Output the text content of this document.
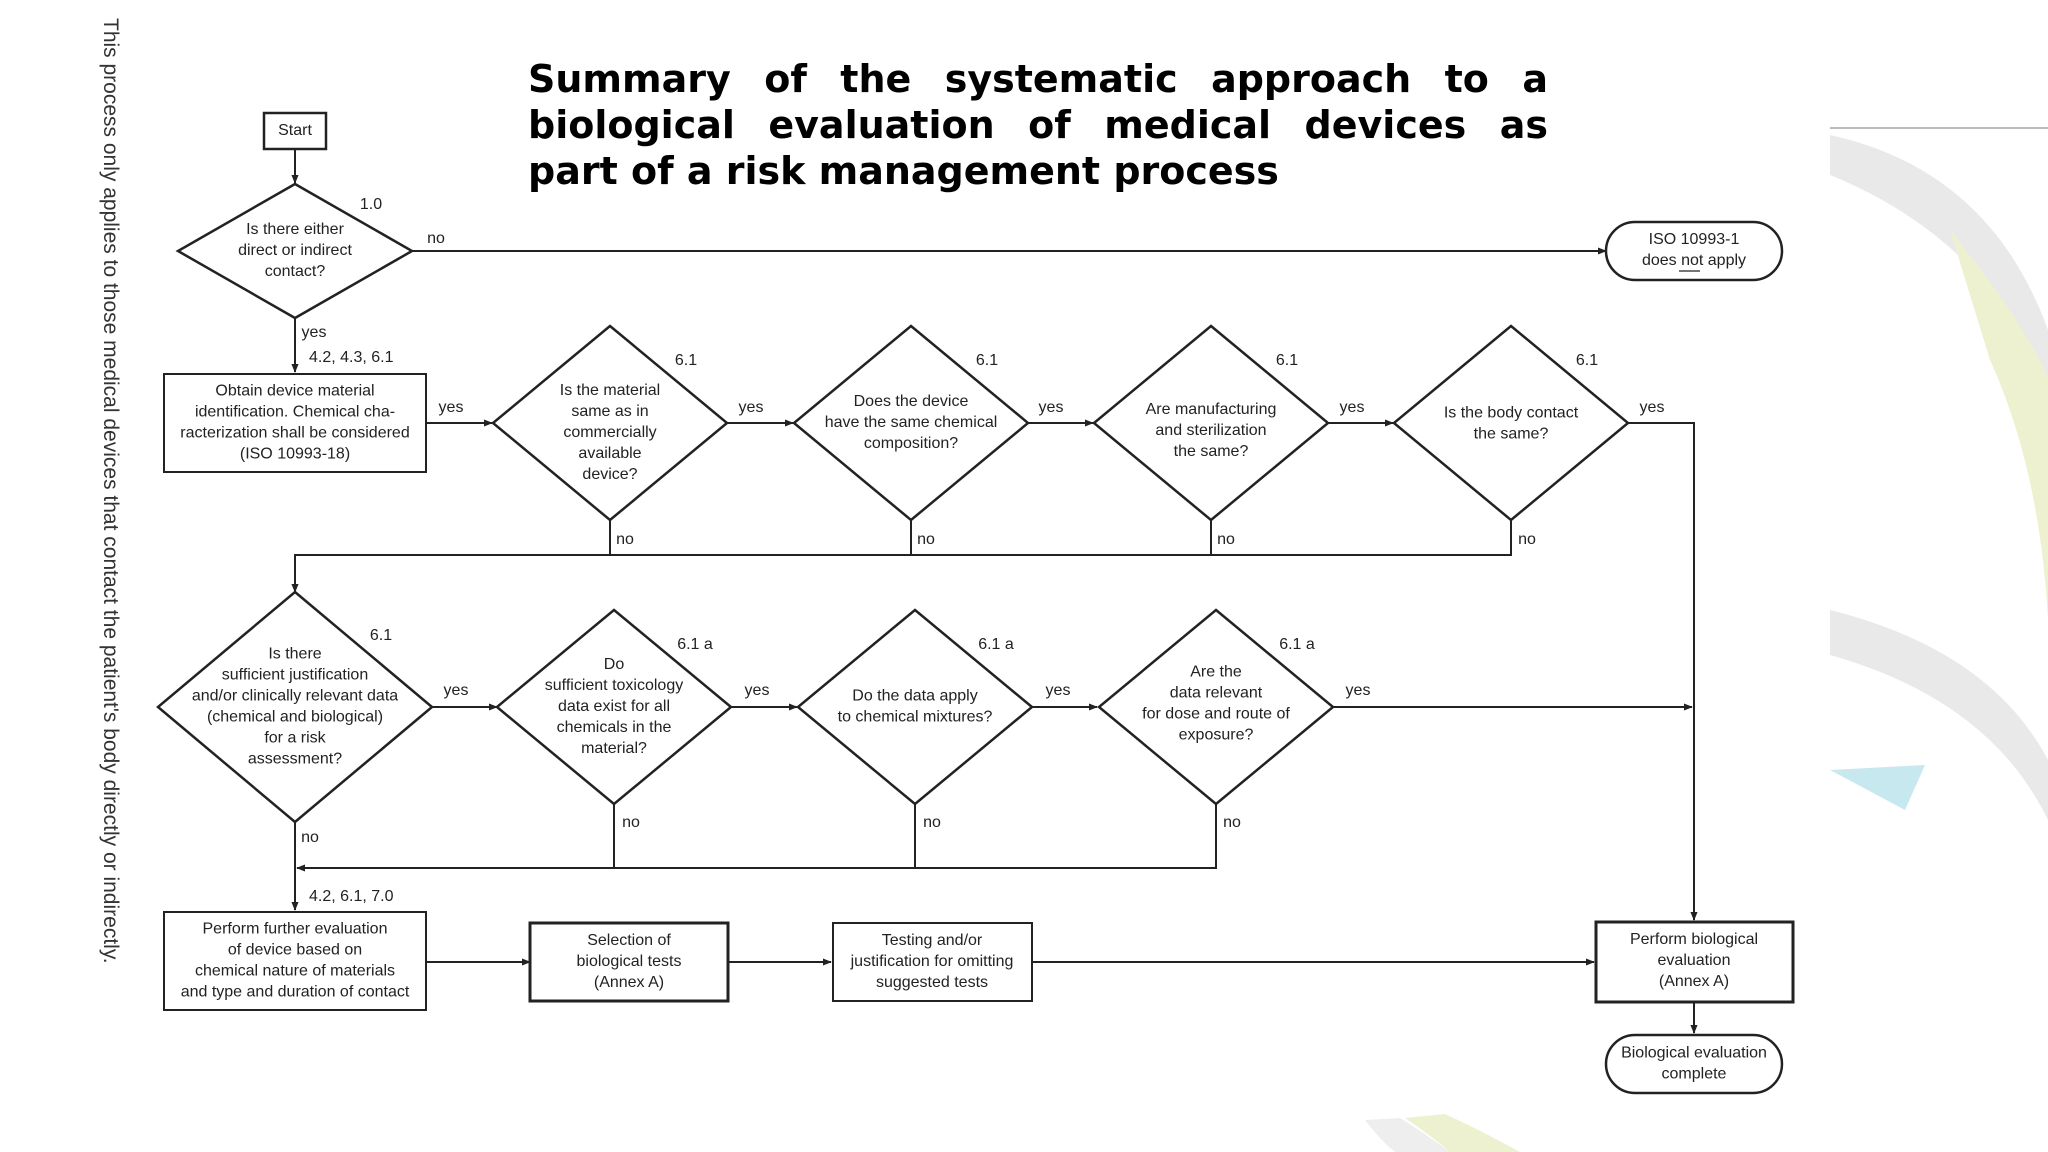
This process only applies to those medical devices that contact the patient's body directly or indirectly.	Summary of the systematic approach to a biological evaluation of medical devices as part of a risk management process
Start
Is there either
direct or indirect
contact?
1.0
ISO 10993-1
does not apply
Obtain device material
identification. Chemical cha-
racterization shall be considered
(ISO 10993-18)
4.2, 4.3, 6.1
Is the material
same as in
commercially
available
device?
6.1
Does the device
have the same chemical
composition?
6.1
Are manufacturing
and sterilization
the same?
6.1
Is the body contact
the same?
6.1
Is there
sufficient justification
and/or clinically relevant data
(chemical and biological)
for a risk
assessment?
6.1
Do
sufficient toxicology
data exist for all
chemicals in the
material?
6.1 a
Do the data apply
to chemical mixtures?
6.1 a
Are the
data relevant
for dose and route of
exposure?
6.1 a
Perform further evaluation
of device based on
chemical nature of materials
and type and duration of contact
4.2, 6.1, 7.0
Selection of
biological tests
(Annex A)
Testing and/or
justification for omitting
suggested tests
Perform biological
evaluation
(Annex A)
Biological evaluation
complete
no
yes
yes	yes	yes	yes	yes
no	no	no	no
yes	yes	yes	yes
no	no	no
no
